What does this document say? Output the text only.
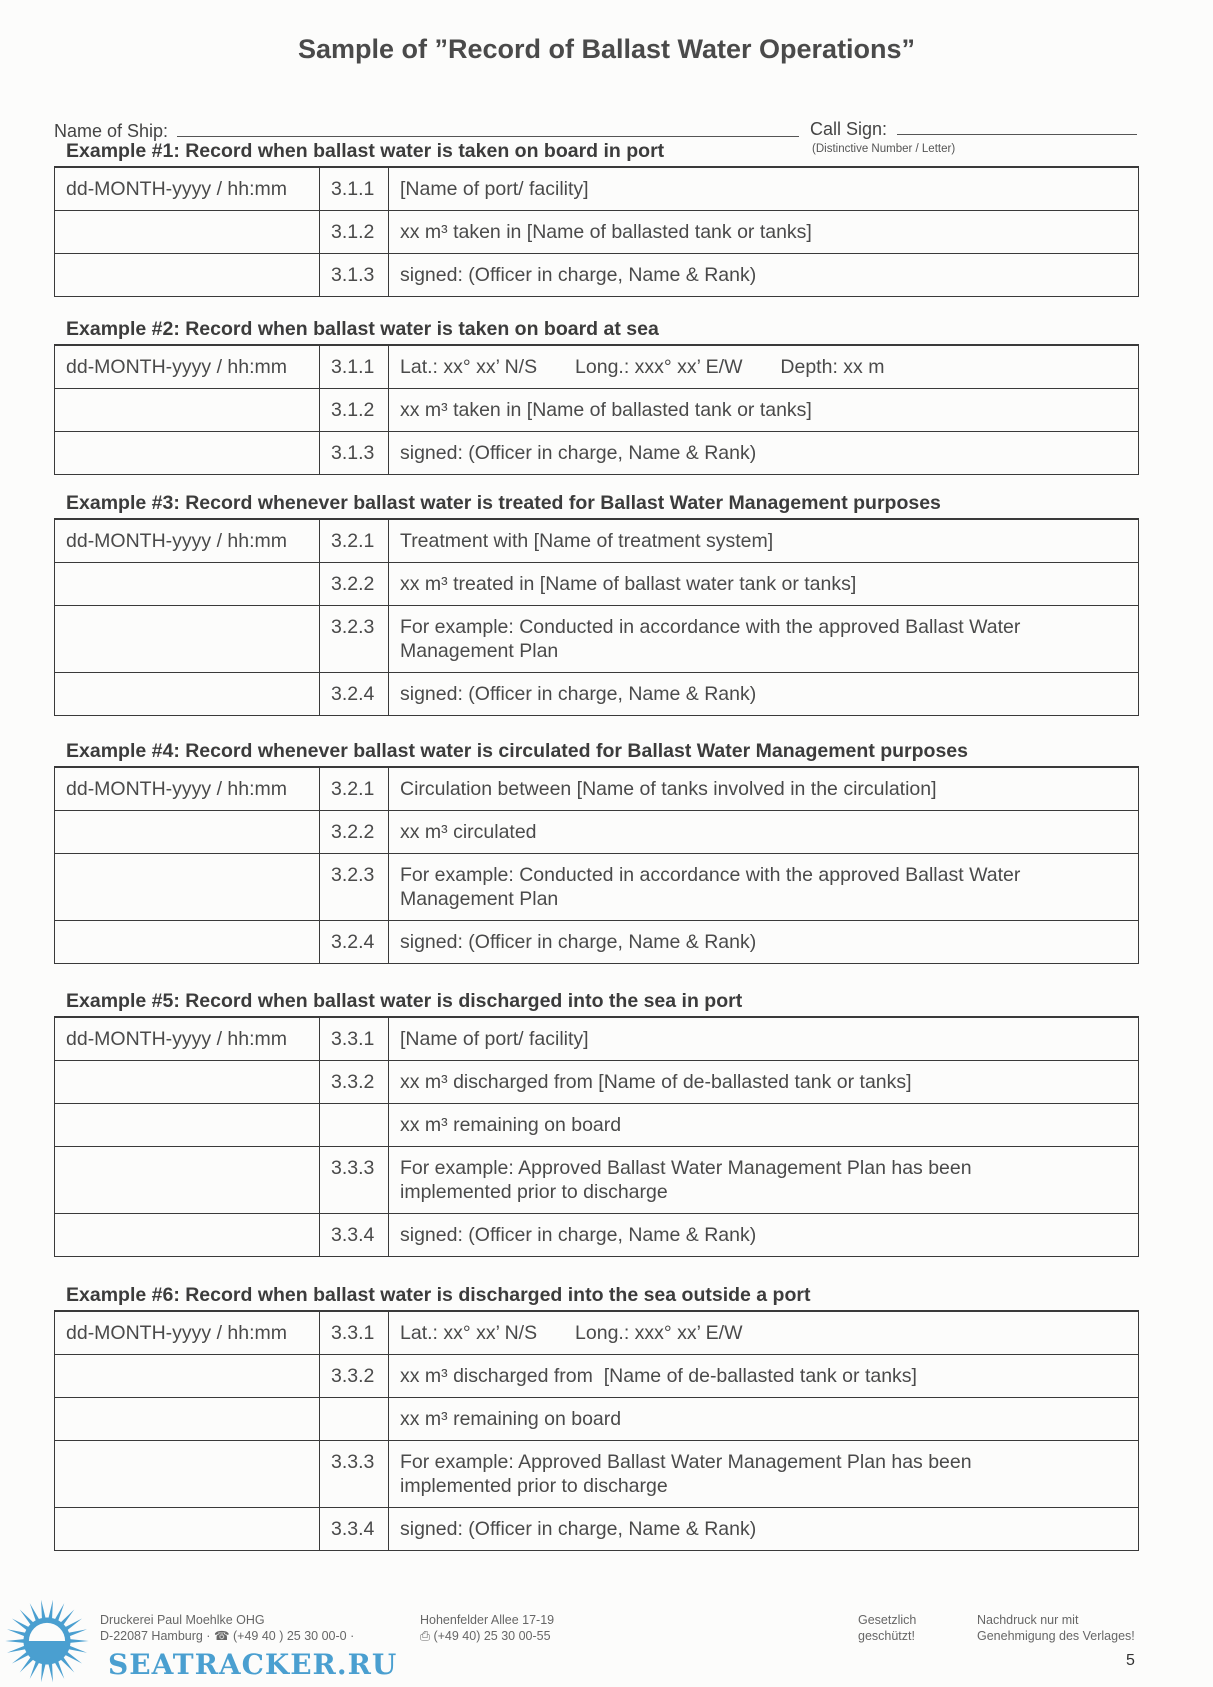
Sample of ”Record of Ballast Water Operations”
Name of Ship:	Call Sign:
(Distinctive Number / Letter)
Example #1: Record when ballast water is taken on board in port
dd-MONTH-yyyy / hh:mm	3.1.1	[Name of port/ facility]
	3.1.2	xx m³ taken in [Name of ballasted tank or tanks]
	3.1.3	signed: (Officer in charge, Name & Rank)
Example #2: Record when ballast water is taken on board at sea
dd-MONTH-yyyy / hh:mm	3.1.1	Lat.: xx° xx’ N/S       Long.: xxx° xx’ E/W       Depth: xx m
	3.1.2	xx m³ taken in [Name of ballasted tank or tanks]
	3.1.3	signed: (Officer in charge, Name & Rank)
Example #3: Record whenever ballast water is treated for Ballast Water Management purposes
dd-MONTH-yyyy / hh:mm	3.2.1	Treatment with [Name of treatment system]
	3.2.2	xx m³ treated in [Name of ballast water tank or tanks]
	3.2.3	For example: Conducted in accordance with the approved Ballast Water
Management Plan
	3.2.4	signed: (Officer in charge, Name & Rank)
Example #4: Record whenever ballast water is circulated for Ballast Water Management purposes
dd-MONTH-yyyy / hh:mm	3.2.1	Circulation between [Name of tanks involved in the circulation]
	3.2.2	xx m³ circulated
	3.2.3	For example: Conducted in accordance with the approved Ballast Water
Management Plan
	3.2.4	signed: (Officer in charge, Name & Rank)
Example #5: Record when ballast water is discharged into the sea in port
dd-MONTH-yyyy / hh:mm	3.3.1	[Name of port/ facility]
	3.3.2	xx m³ discharged from [Name of de-ballasted tank or tanks]
		xx m³ remaining on board
	3.3.3	For example: Approved Ballast Water Management Plan has been
implemented prior to discharge
	3.3.4	signed: (Officer in charge, Name & Rank)
Example #6: Record when ballast water is discharged into the sea outside a port
dd-MONTH-yyyy / hh:mm	3.3.1	Lat.: xx° xx’ N/S       Long.: xxx° xx’ E/W
	3.3.2	xx m³ discharged from  [Name of de-ballasted tank or tanks]
		xx m³ remaining on board
	3.3.3	For example: Approved Ballast Water Management Plan has been
implemented prior to discharge
	3.3.4	signed: (Officer in charge, Name & Rank)
SEATRACKER.RU
Druckerei Paul Moehlke OHG
D-22087 Hamburg · ☎ (+49 40 ) 25 30 00-0 ·
Hohenfelder Allee 17-19
⎙ (+49 40) 25 30 00-55
Gesetzlich
geschützt!
Nachdruck nur mit
Genehmigung des Verlages!
5
